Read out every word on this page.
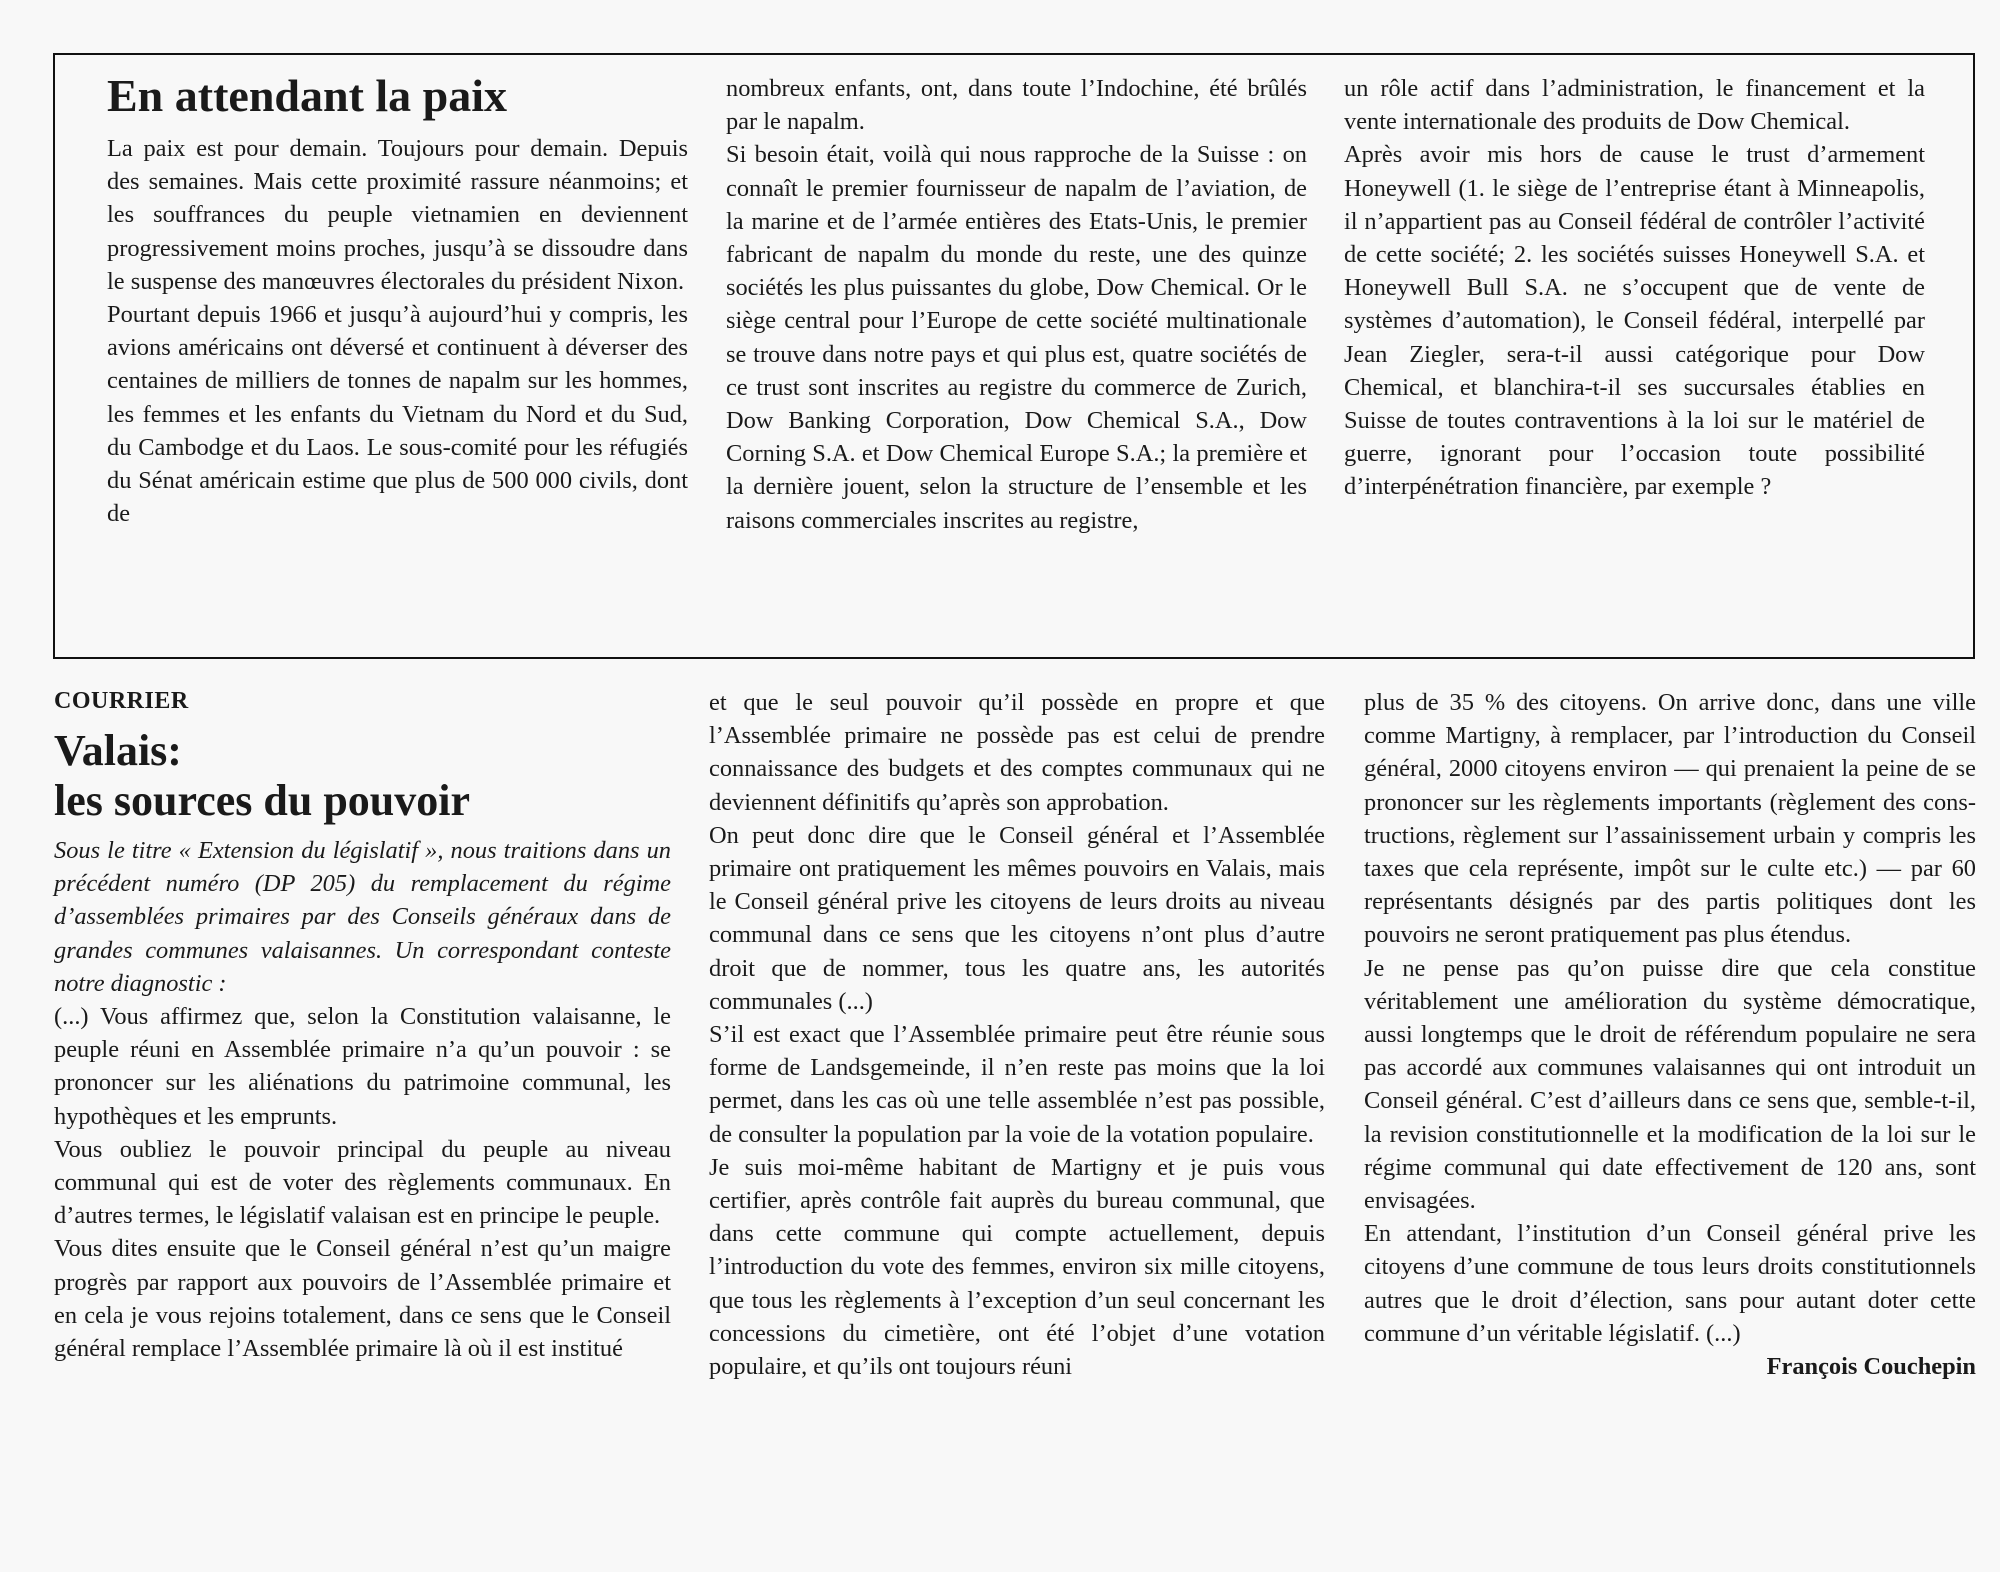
En attendant la paix

La paix est pour demain. Toujours pour demain. Depuis des semaines. Mais cette proximité rassure néanmoins; et les souffrances du peuple vietnamien en deviennent progressivement moins proches, jusqu’à se dissoudre dans le suspense des manœuvres électorales du président Nixon.

Pourtant depuis 1966 et jusqu’à aujourd’hui y compris, les avions américains ont déversé et continuent à déverser des centaines de milliers de tonnes de napalm sur les hommes, les femmes et les enfants du Vietnam du Nord et du Sud, du Cambodge et du Laos. Le sous-comité pour les réfugiés du Sénat américain estime que plus de 500 000 civils, dont de

nombreux enfants, ont, dans toute l’Indochine, été brûlés par le napalm.

Si besoin était, voilà qui nous rapproche de la Suisse : on connaît le premier fournisseur de napalm de l’aviation, de la marine et de l’armée entières des Etats-Unis, le premier fabricant de napalm du monde du reste, une des quinze sociétés les plus puissantes du globe, Dow Chemical. Or le siège central pour l’Europe de cette société multinationale se trouve dans notre pays et qui plus est, quatre sociétés de ce trust sont inscrites au registre du commerce de Zurich, Dow Banking Corporation, Dow Chemical S.A., Dow Corning S.A. et Dow Chemical Europe S.A.; la première et la dernière jouent, selon la structure de l’ensemble et les raisons commerciales inscrites au registre,

un rôle actif dans l’administration, le financement et la vente internationale des produits de Dow Chemical.

Après avoir mis hors de cause le trust d’armement Honeywell (1. le siège de l’entreprise étant à Minneapolis, il n’appartient pas au Conseil fédéral de contrôler l’activité de cette société; 2. les sociétés suisses Honeywell S.A. et Honeywell Bull S.A. ne s’occupent que de vente de systèmes d’automation), le Conseil fédéral, interpellé par Jean Ziegler, sera-t-il aussi catégorique pour Dow Chemical, et blanchira-t-il ses succursales établies en Suisse de toutes contraventions à la loi sur le matériel de guerre, ignorant pour l’occasion toute possibilité d’interpénétration financière, par exemple ?

COURRIER
Valais:
les sources du pouvoir

Sous le titre « Extension du législatif », nous traitions dans un précédent numéro (DP 205) du remplacement du régime d’assemblées primaires par des Conseils généraux dans de grandes communes valaisannes. Un correspondant conteste notre diagnostic :

(...) Vous affirmez que, selon la Constitution valaisanne, le peuple réuni en Assemblée primaire n’a qu’un pouvoir : se prononcer sur les aliénations du patrimoine communal, les hypothèques et les emprunts.

Vous oubliez le pouvoir principal du peuple au niveau communal qui est de voter des règlements communaux. En d’autres termes, le législatif valaisan est en principe le peuple.

Vous dites ensuite que le Conseil général n’est qu’un maigre progrès par rapport aux pouvoirs de l’Assemblée primaire et en cela je vous rejoins totalement, dans ce sens que le Conseil général remplace l’Assemblée primaire là où il est institué

et que le seul pouvoir qu’il possède en propre et que l’Assemblée primaire ne possède pas est celui de prendre connaissance des budgets et des comptes communaux qui ne deviennent définitifs qu’après son approbation.

On peut donc dire que le Conseil général et l’Assemblée primaire ont pratiquement les mêmes pouvoirs en Valais, mais le Conseil général prive les citoyens de leurs droits au niveau communal dans ce sens que les citoyens n’ont plus d’autre droit que de nommer, tous les quatre ans, les autorités communales (...)

S’il est exact que l’Assemblée primaire peut être réunie sous forme de Landsgemeinde, il n’en reste pas moins que la loi permet, dans les cas où une telle assemblée n’est pas possible, de consulter la population par la voie de la votation populaire.

Je suis moi-même habitant de Martigny et je puis vous certifier, après contrôle fait auprès du bureau communal, que dans cette commune qui compte actuellement, depuis l’introduction du vote des femmes, environ six mille citoyens, que tous les règlements à l’exception d’un seul concernant les concessions du cimetière, ont été l’objet d’une votation populaire, et qu’ils ont toujours réuni

plus de 35 % des citoyens. On arrive donc, dans une ville comme Martigny, à remplacer, par l’introduction du Conseil général, 2000 citoyens environ — qui prenaient la peine de se prononcer sur les règlements importants (règlement des constructions, règlement sur l’assainissement urbain y compris les taxes que cela représente, impôt sur le culte etc.) — par 60 représentants désignés par des partis politiques dont les pouvoirs ne seront pratiquement pas plus étendus.

Je ne pense pas qu’on puisse dire que cela constitue véritablement une amélioration du système démocratique, aussi longtemps que le droit de référendum populaire ne sera pas accordé aux communes valaisannes qui ont introduit un Conseil général. C’est d’ailleurs dans ce sens que, semble-t-il, la revision constitutionnelle et la modification de la loi sur le régime communal qui date effectivement de 120 ans, sont envisagées.

En attendant, l’institution d’un Conseil général prive les citoyens d’une commune de tous leurs droits constitutionnels autres que le droit d’élection, sans pour autant doter cette commune d’un véritable législatif. (...)

François Couchepin
